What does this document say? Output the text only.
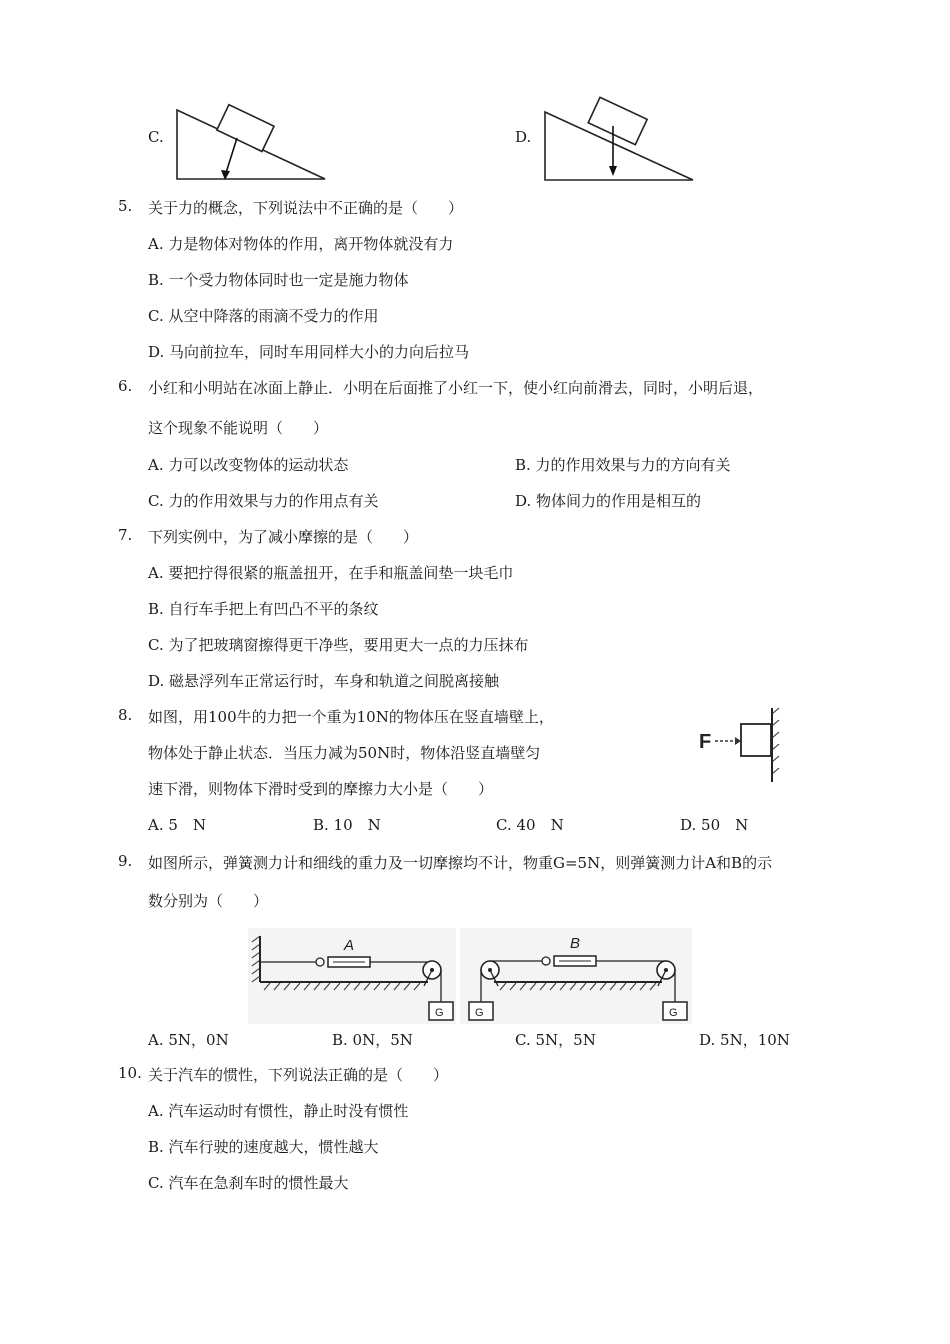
C.	D.
5. 关于力的概念，下列说法中不正确的是（　　）
A. 力是物体对物体的作用，离开物体就没有力
B. 一个受力物体同时也一定是施力物体
C. 从空中降落的雨滴不受力的作用
D. 马向前拉车，同时车用同样大小的力向后拉马
6. 小红和小明站在冰面上静止．小明在后面推了小红一下，使小红向前滑去，同时，小明后退，
这个现象不能说明（　　）
A. 力可以改变物体的运动状态	B. 力的作用效果与力的方向有关
C. 力的作用效果与力的作用点有关	D. 物体间力的作用是相互的
7. 下列实例中，为了减小摩擦的是（　　）
A. 要把拧得很紧的瓶盖扭开，在手和瓶盖间垫一块毛巾
B. 自行车手把上有凹凸不平的条纹
C. 为了把玻璃窗擦得更干净些，要用更大一点的力压抹布
D. 磁悬浮列车正常运行时，车身和轨道之间脱离接触
8. 如图，用100牛的力把一个重为10N的物体压在竖直墙壁上，
物体处于静止状态．当压力减为50N时，物体沿竖直墙壁匀
速下滑，则物体下滑时受到的摩擦力大小是（　　）
F
A. 5　N	B. 10　N	C. 40　N	D. 50　N
9. 如图所示，弹簧测力计和细线的重力及一切摩擦均不计，物重G=5N，则弹簧测力计A和B的示
数分别为（　　）
A
G	G
B
G
A. 5N，0N	B. 0N，5N	C. 5N，5N	D. 5N，10N
10. 关于汽车的惯性，下列说法正确的是（　　）
A. 汽车运动时有惯性，静止时没有惯性
B. 汽车行驶的速度越大，惯性越大
C. 汽车在急刹车时的惯性最大
